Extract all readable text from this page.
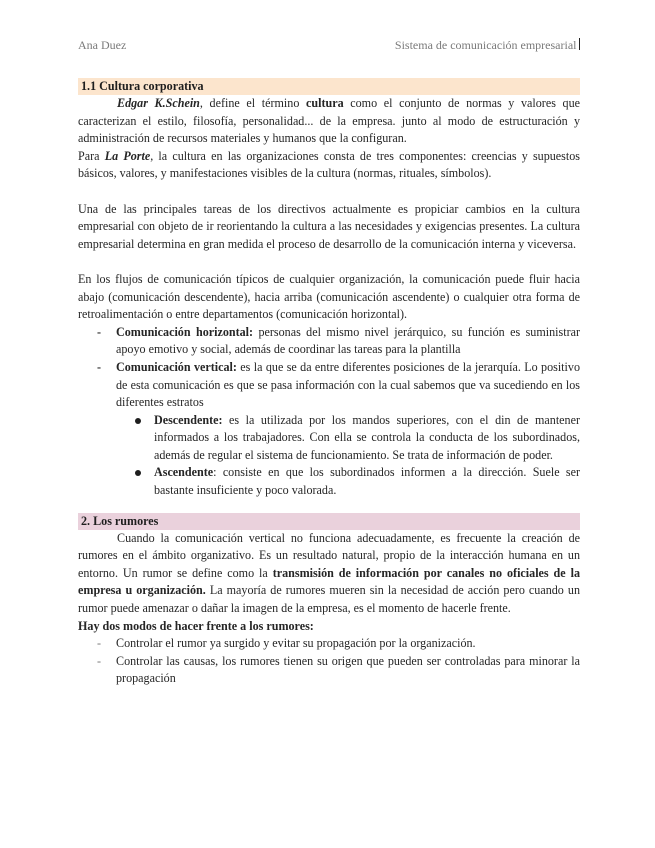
Ana Duez	Sistema de comunicación empresarial
1.1 Cultura corporativa

Edgar K.Schein, define el término cultura como el conjunto de normas y valores que caracterizan el estilo, filosofía, personalidad... de la empresa. junto al modo de estructuración y administración de recursos materiales y humanos que la configuran.

Para La Porte, la cultura en las organizaciones consta de tres componentes: creencias y supuestos básicos, valores, y manifestaciones visibles de la cultura (normas, rituales, símbolos).

Una de las principales tareas de los directivos actualmente es propiciar cambios en la cultura empresarial con objeto de ir reorientando la cultura a las necesidades y exigencias presentes. La cultura empresarial determina en gran medida el proceso de desarrollo de la comunicación interna y viceversa.

En los flujos de comunicación típicos de cualquier organización, la comunicación puede fluir hacia abajo (comunicación descendente), hacia arriba (comunicación ascendente) o cualquier otra forma de retroalimentación o entre departamentos (comunicación horizontal).

- Comunicación horizontal: personas del mismo nivel jerárquico, su función es suministrar apoyo emotivo y social, además de coordinar las tareas para la plantilla
- Comunicación vertical: es la que se da entre diferentes posiciones de la jerarquía. Lo positivo de esta comunicación es que se pasa información con la cual sabemos que va sucediendo en los diferentes estratos
Descendente: es la utilizada por los mandos superiores, con el din de mantener informados a los trabajadores. Con ella se controla la conducta de los subordinados, además de regular el sistema de funcionamiento. Se trata de información de poder.
Ascendente: consiste en que los subordinados informen a la dirección. Suele ser bastante insuficiente y poco valorada.
2. Los rumores

Cuando la comunicación vertical no funciona adecuadamente, es frecuente la creación de rumores en el ámbito organizativo. Es un resultado natural, propio de la interacción humana en un entorno. Un rumor se define como la transmisión de información por canales no oficiales de la empresa u organización. La mayoría de rumores mueren sin la necesidad de acción pero cuando un rumor puede amenazar o dañar la imagen de la empresa, es el momento de hacerle frente.

Hay dos modos de hacer frente a los rumores:

- Controlar el rumor ya surgido y evitar su propagación por la organización.
- Controlar las causas, los rumores tienen su origen que pueden ser controladas para minorar la propagación
